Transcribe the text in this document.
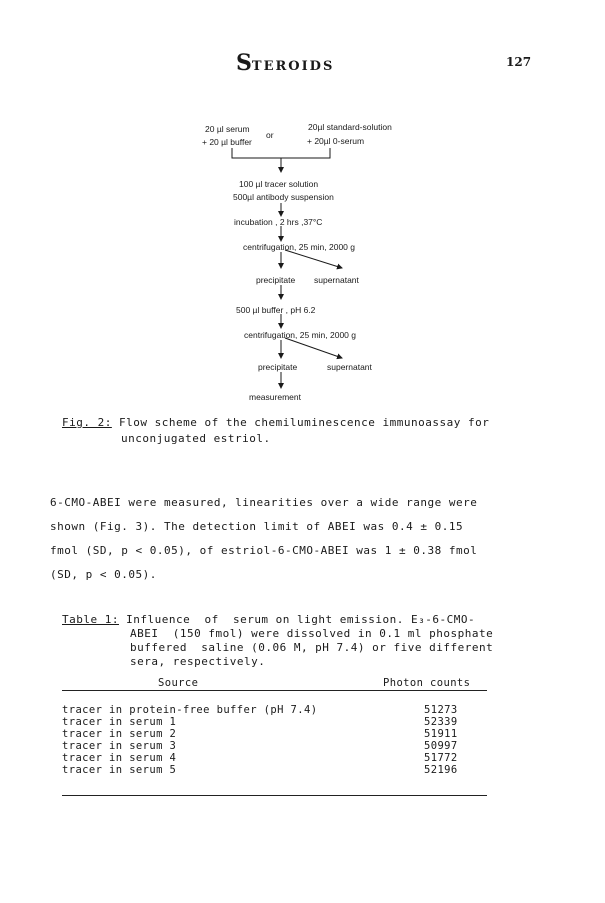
STEROIDS	127
20 µl serum
+ 20 µl buffer
or
20µl standard-solution
+ 20µl 0-serum
100 µl tracer solution
500µl antibody suspension
incubation , 2 hrs ,37°C
centrifugation, 25 min, 2000 g
precipitate supernatant
500 µl buffer , pH 6.2
centrifugation, 25 min, 2000 g
precipitate	supernatant
measurement
Fig. 2: Flow scheme of the chemiluminescence immunoassay for
unconjugated estriol.
6-CMO-ABEI were measured, linearities over a wide range were
shown (Fig. 3). The detection limit of ABEI was 0.4 ± 0.15
fmol (SD, p < 0.05), of estriol-6-CMO-ABEI was 1 ± 0.38 fmol
(SD, p < 0.05).
Table 1: Influence  of  serum on light emission. E₃-6-CMO-
ABEI  (150 fmol) were dissolved in 0.1 ml phosphate
buffered  saline (0.06 M, pH 7.4) or five different
sera, respectively.
Source	Photon counts
tracer in protein-free buffer (pH 7.4)	51273
tracer in serum 1	52339
tracer in serum 2	51911
tracer in serum 3	50997
tracer in serum 4	51772
tracer in serum 5	52196
